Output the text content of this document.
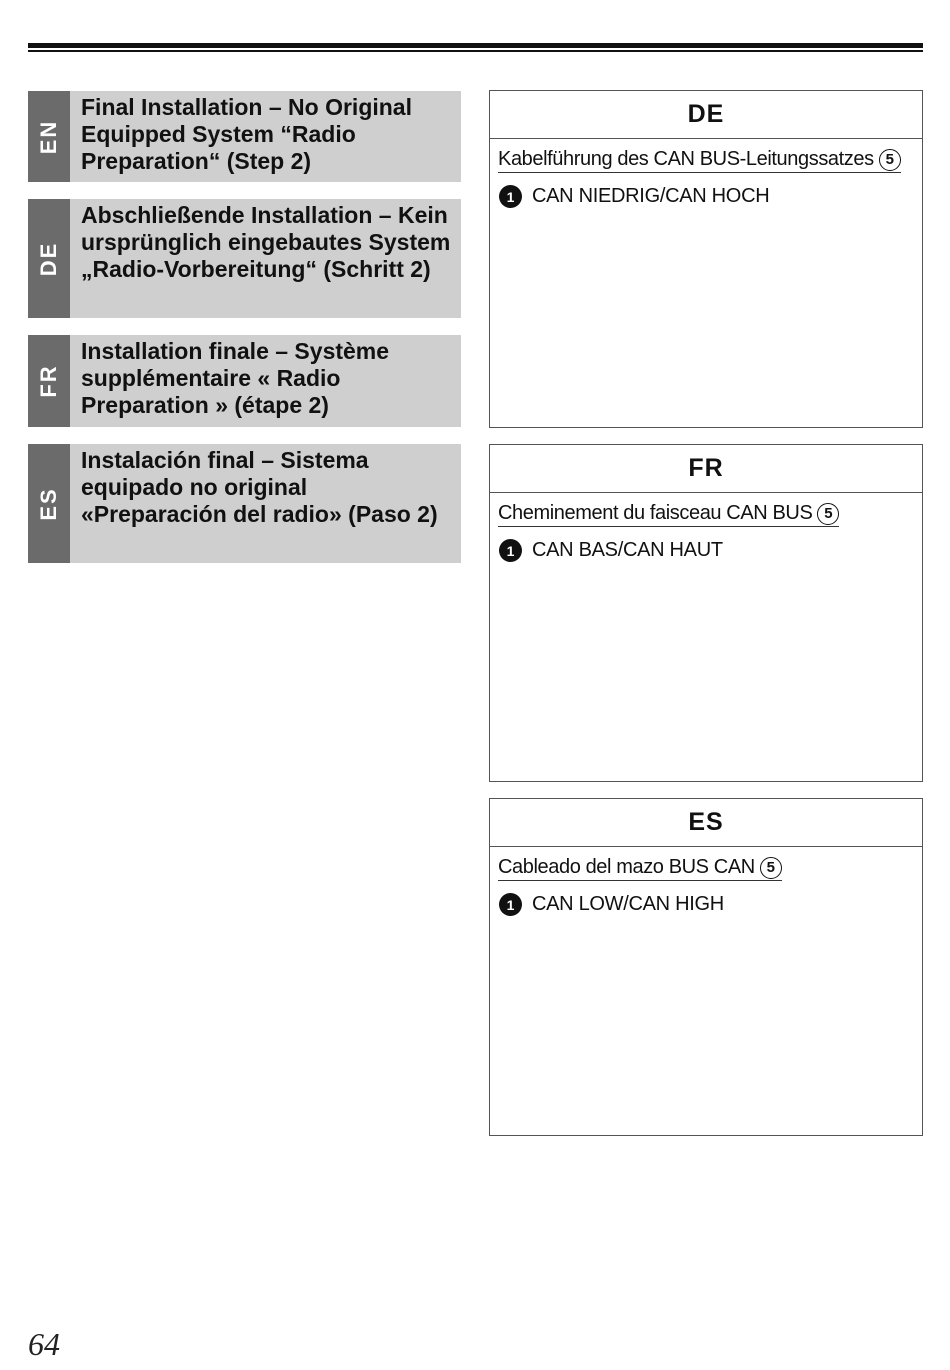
EN
Final Installation – No Original Equipped System “Radio Preparation“ (Step 2)
DE
Abschließende Installation – Kein ursprünglich eingebautes System „Radio-Vorbereitung“ (Schritt 2)
FR
Installation finale – Système supplémentaire « Radio Preparation » (étape 2)
ES
Instalación final – Sistema equipado no original «Preparación del radio» (Paso 2)
DE
Kabelführung des CAN BUS-Leitungssatzes 5
1 CAN NIEDRIG/CAN HOCH
FR
Cheminement du faisceau CAN BUS 5
1 CAN BAS/CAN HAUT
ES
Cableado del mazo BUS CAN 5
1 CAN LOW/CAN HIGH
64
